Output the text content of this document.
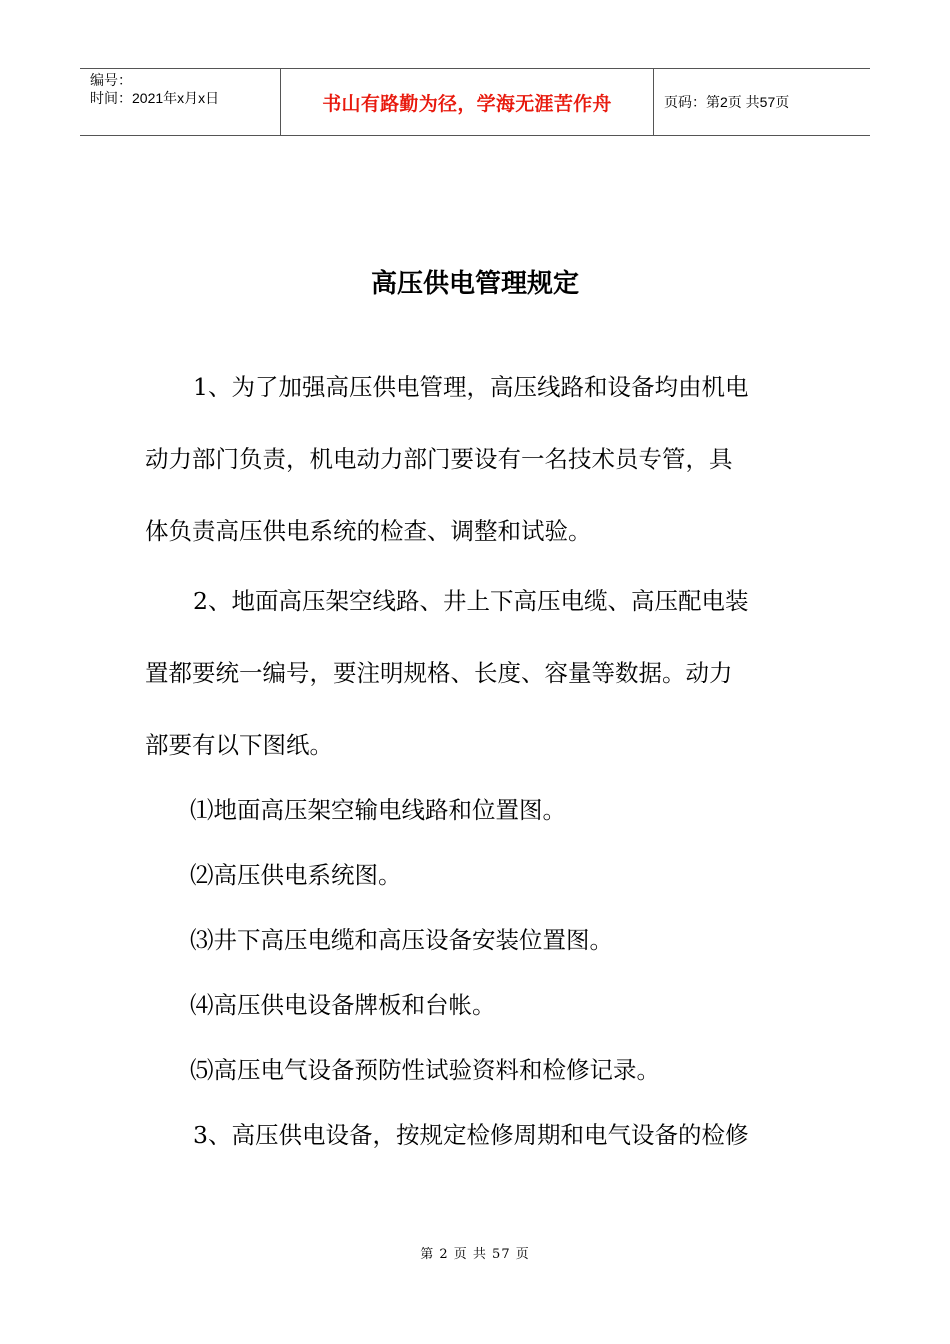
编号：
时间：2021年x月x日	书山有路勤为径，学海无涯苦作舟	页码：第2页 共57页
高压供电管理规定
1、为了加强高压供电管理，高压线路和设备均由机电
动力部门负责，机电动力部门要设有一名技术员专管，具
体负责高压供电系统的检查、调整和试验。
2、地面高压架空线路、井上下高压电缆、高压配电装
置都要统一编号，要注明规格、长度、容量等数据。动力
部要有以下图纸。
⑴地面高压架空输电线路和位置图。
⑵高压供电系统图。
⑶井下高压电缆和高压设备安装位置图。
⑷高压供电设备牌板和台帐。
⑸高压电气设备预防性试验资料和检修记录。
3、高压供电设备，按规定检修周期和电气设备的检修
第 2 页 共 57 页
